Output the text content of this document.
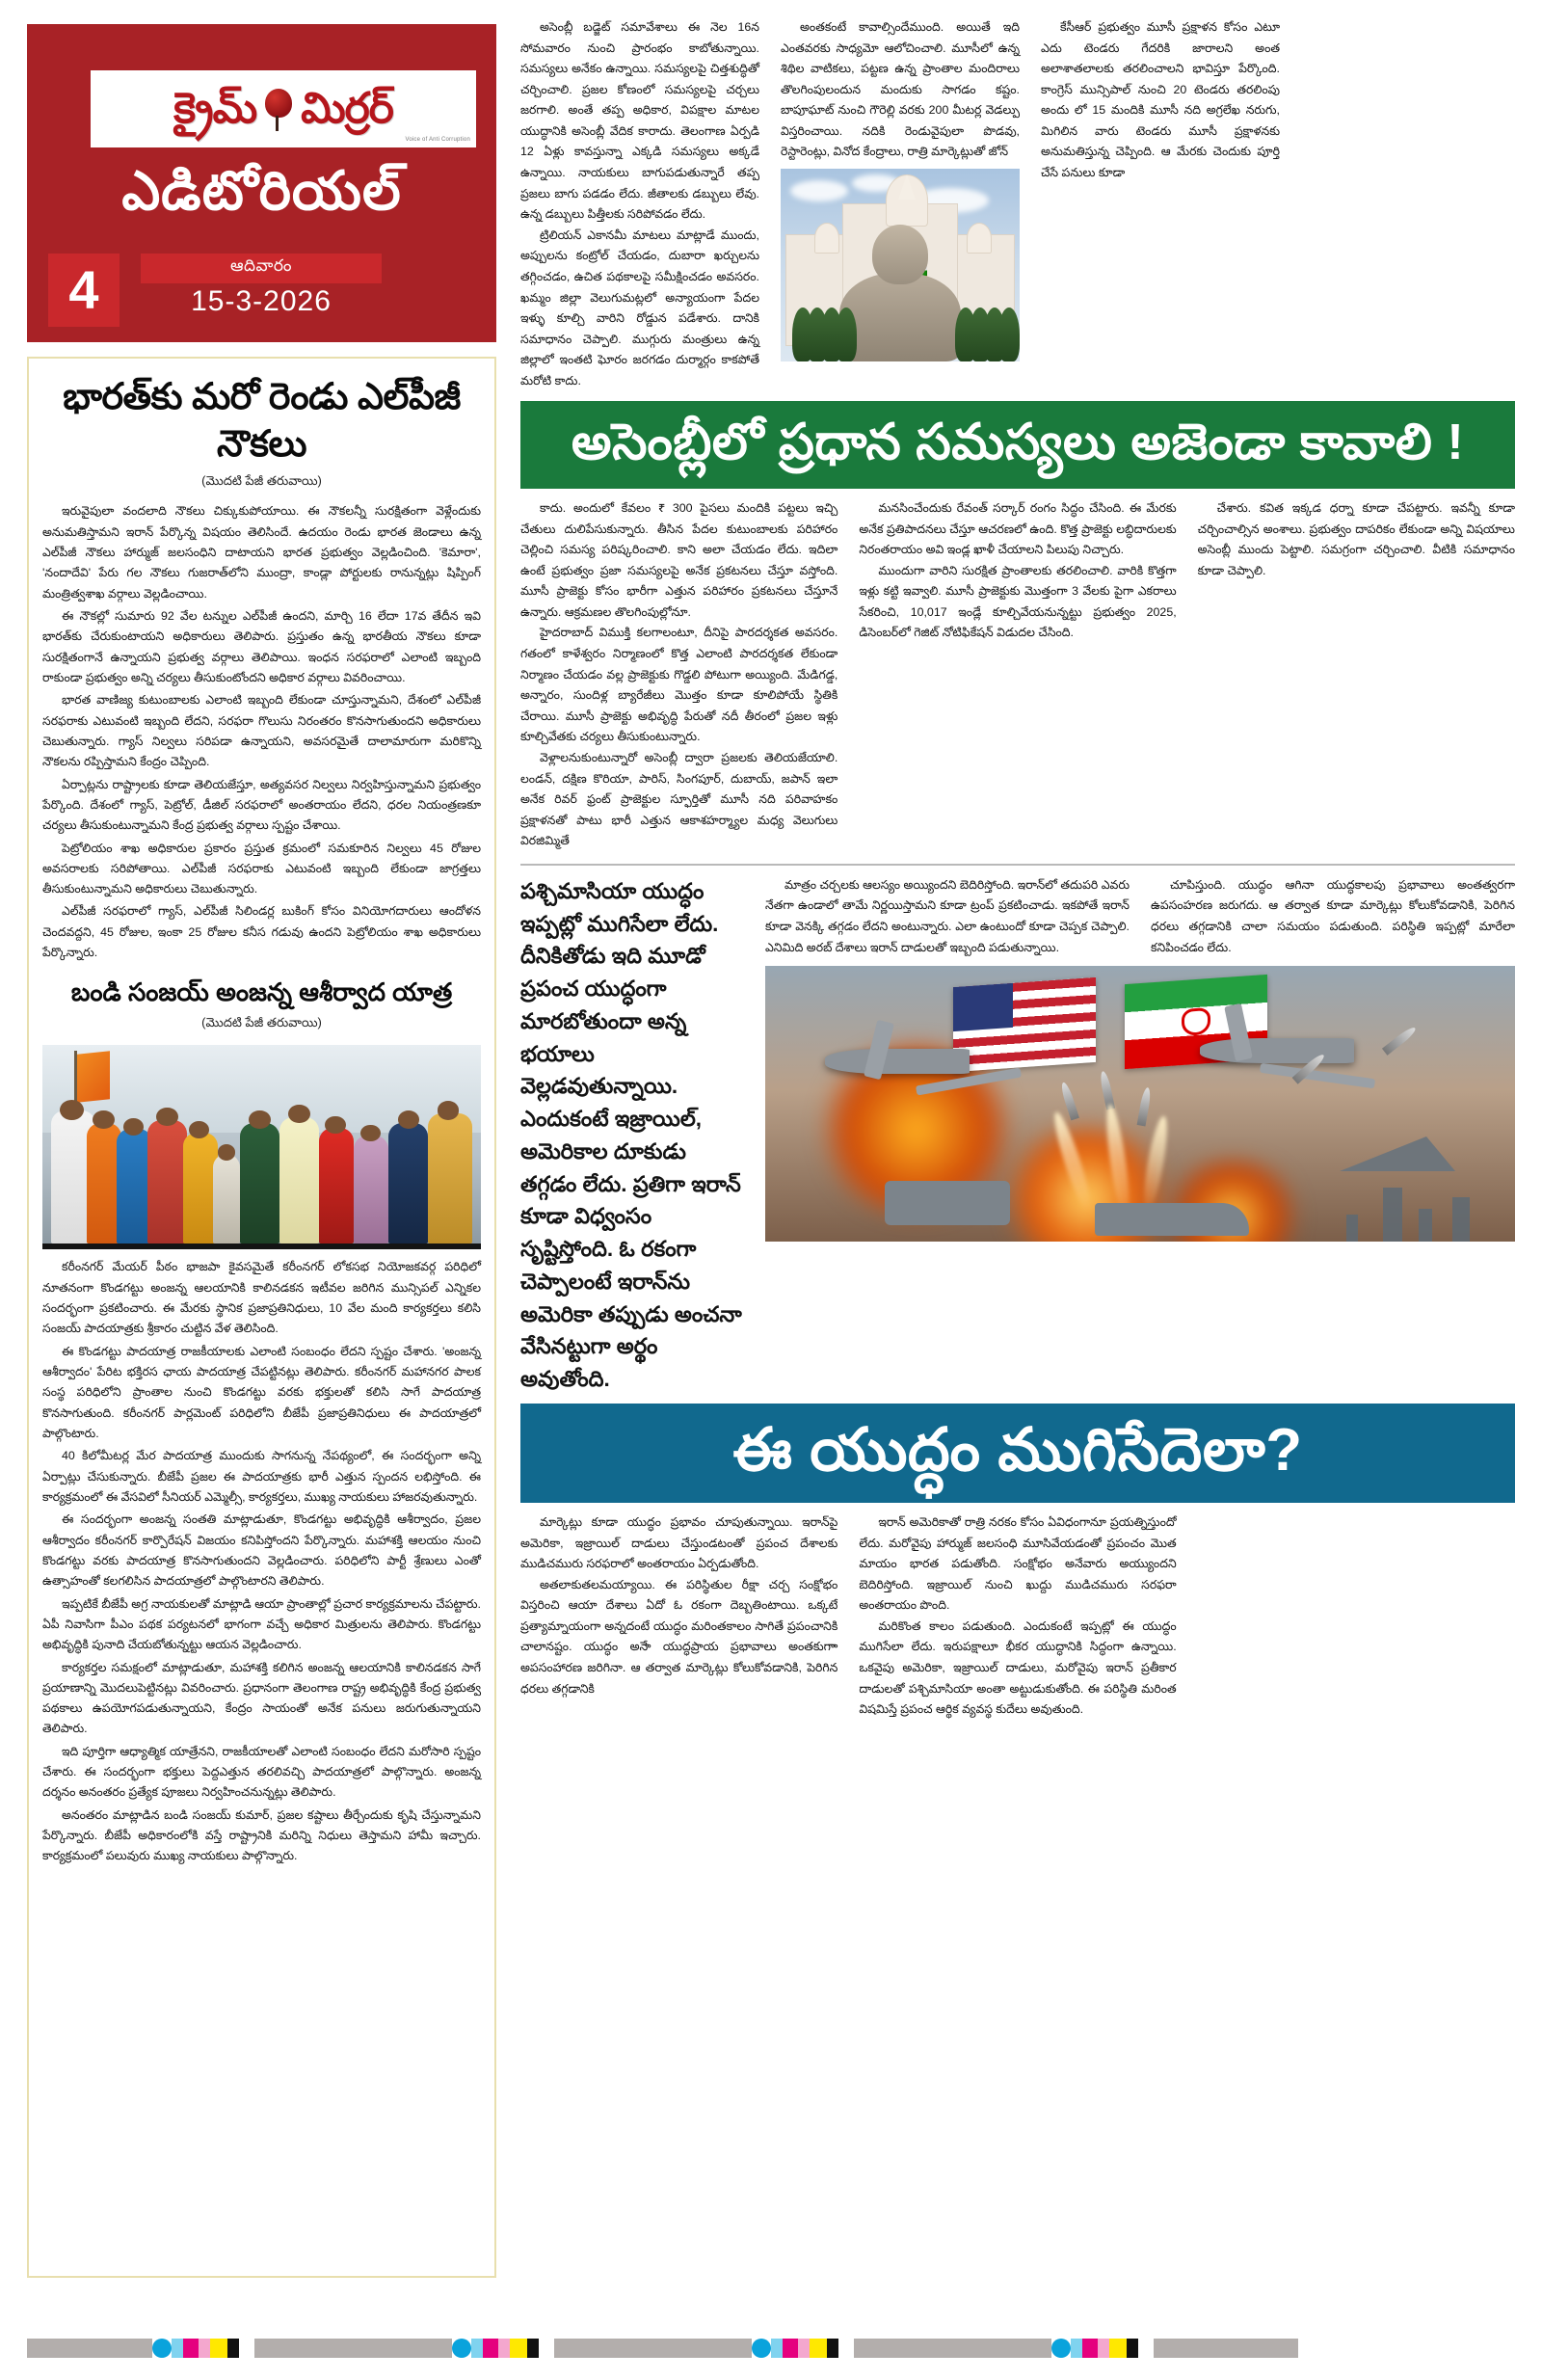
క్రైమ్ మిర్రర్
Voice of Anti Corruption
ఎడిటోరియల్
4	ఆదివారం
15-3-2026
భారత్‌కు మరో రెండు ఎల్‌పీజీ నౌకలు
(మొదటి పేజీ తరువాయి)

ఇరువైపులా వందలాది నౌకలు చిక్కుకుపోయాయి. ఈ నౌకలన్నీ సురక్షితంగా వెళ్లేందుకు అనుమతిస్తామని ఇరాన్ పేర్కొన్న విషయం తెలిసిందే. ఉదయం రెండు భారత జెండాలు ఉన్న ఎల్‌పీజీ నౌకలు హార్ముజ్ జలసంధిని దాటాయని భారత ప్రభుత్వం వెల్లడించింది. 'కెమారా', 'నందాదేవి' పేరు గల నౌకలు గుజరాత్‌లోని ముంద్రా, కాండ్లా పోర్టులకు రానున్నట్లు షిప్పింగ్ మంత్రిత్వశాఖ వర్గాలు వెల్లడించాయి.

ఈ నౌకల్లో సుమారు 92 వేల టన్నుల ఎల్‌పీజీ ఉందని, మార్చి 16 లేదా 17వ తేదీన ఇవి భారత్‌కు చేరుకుంటాయని అధికారులు తెలిపారు. ప్రస్తుతం ఉన్న భారతీయ నౌకలు కూడా సురక్షితంగానే ఉన్నాయని ప్రభుత్వ వర్గాలు తెలిపాయి. ఇంధన సరఫరాలో ఎలాంటి ఇబ్బంది రాకుండా ప్రభుత్వం అన్ని చర్యలు తీసుకుంటోందని అధికార వర్గాలు వివరించాయి.

భారత వాణిజ్య కుటుంబాలకు ఎలాంటి ఇబ్బంది లేకుండా చూస్తున్నామని, దేశంలో ఎల్‌పీజీ సరఫరాకు ఎటువంటి ఇబ్బంది లేదని, సరఫరా గొలుసు నిరంతరం కొనసాగుతుందని అధికారులు చెబుతున్నారు. గ్యాస్ నిల్వలు సరిపడా ఉన్నాయని, అవసరమైతే దాలామారుగా మరికొన్ని నౌకలను రప్పిస్తామని కేంద్రం చెప్పింది.

ఏర్పాట్లను రాష్ట్రాలకు కూడా తెలియజేస్తూ, అత్యవసర నిల్వలు నిర్వహిస్తున్నామని ప్రభుత్వం పేర్కొంది. దేశంలో గ్యాస్, పెట్రోల్, డీజిల్ సరఫరాలో అంతరాయం లేదని, ధరల నియంత్రణకూ చర్యలు తీసుకుంటున్నామని కేంద్ర ప్రభుత్వ వర్గాలు స్పష్టం చేశాయి.

పెట్రోలియం శాఖ అధికారుల ప్రకారం ప్రస్తుత క్రమంలో సమకూరిన నిల్వలు 45 రోజుల అవసరాలకు సరిపోతాయి. ఎల్‌పీజీ సరఫరాకు ఎటువంటి ఇబ్బంది లేకుండా జాగ్రత్తలు తీసుకుంటున్నామని అధికారులు చెబుతున్నారు.

ఎల్‌పీజీ సరఫరాలో గ్యాస్, ఎల్‌పీజీ సిలిండర్ల బుకింగ్ కోసం వినియోగదారులు ఆందోళన చెందవద్దని, 45 రోజుల, ఇంకా 25 రోజుల కనీస గడువు ఉందని పెట్రోలియం శాఖ అధికారులు పేర్కొన్నారు.

బండి సంజయ్ అంజన్న ఆశీర్వాద యాత్ర
(మొదటి పేజీ తరువాయి)

కరీంనగర్ మేయర్ పీఠం భాజపా కైవసమైతే కరీంనగర్ లోకసభ నియోజకవర్గ పరిధిలో నూతనంగా కొండగట్టు అంజన్న ఆలయానికి కాలినడకన ఇటీవల జరిగిన మున్సిపల్ ఎన్నికల సందర్భంగా ప్రకటించారు. ఈ మేరకు స్థానిక ప్రజాప్రతినిధులు, 10 వేల మంది కార్యకర్తలు కలిసి సంజయ్ పాదయాత్రకు శ్రీకారం చుట్టిన వేళ తెలిసింది.

ఈ కొండగట్టు పాదయాత్ర రాజకీయాలకు ఎలాంటి సంబంధం లేదని స్పష్టం చేశారు. 'అంజన్న ఆశీర్వాదం' పేరిట భక్తిరస ఛాయ పాదయాత్ర చేపట్టినట్లు తెలిపారు. కరీంనగర్ మహానగర పాలక సంస్థ పరిధిలోని ప్రాంతాల నుంచి కొండగట్టు వరకు భక్తులతో కలిసి సాగే పాదయాత్ర కొనసాగుతుంది. కరీంనగర్ పార్లమెంట్ పరిధిలోని బీజేపీ ప్రజాప్రతినిధులు ఈ పాదయాత్రలో పాల్గొంటారు.

40 కిలోమీటర్ల మేర పాదయాత్ర ముందుకు సాగనున్న నేపథ్యంలో, ఈ సందర్భంగా అన్ని ఏర్పాట్లు చేసుకున్నారు. బీజేపీ ప్రజల ఈ పాదయాత్రకు భారీ ఎత్తున స్పందన లభిస్తోంది. ఈ కార్యక్రమంలో ఈ వేసవిలో సీనియర్ ఎమ్మెల్సీ, కార్యకర్తలు, ముఖ్య నాయకులు హాజరవుతున్నారు.

ఈ సందర్భంగా అంజన్న సంతతి మాట్లాడుతూ, కొండగట్టు అభివృద్ధికి ఆశీర్వాదం, ప్రజల ఆశీర్వాదం కరీంనగర్ కార్పొరేషన్ విజయం కనిపిస్తోందని పేర్కొన్నారు. మహాశక్తి ఆలయం నుంచి కొండగట్టు వరకు పాదయాత్ర కొనసాగుతుందని వెల్లడించారు. పరిధిలోని పార్టీ శ్రేణులు ఎంతో ఉత్సాహంతో కలగలిసిన పాదయాత్రలో పాల్గొంటారని తెలిపారు.

ఇప్పటికే బీజేపీ అగ్ర నాయకులతో మాట్లాడి ఆయా ప్రాంతాల్లో ప్రచార కార్యక్రమాలను చేపట్టారు. ఏపీ నివాసిగా పీఎం పథక పర్యటనలో భాగంగా వచ్చే అధికార మిత్రులను తెలిపారు. కొండగట్టు అభివృద్ధికి పునాది చేయబోతున్నట్టు ఆయన వెల్లడించారు.

కార్యకర్తల సమక్షంలో మాట్లాడుతూ, మహాశక్తి కలిగిన అంజన్న ఆలయానికి కాలినడకన సాగే ప్రయాణాన్ని మొదలుపెట్టినట్లు వివరించారు. ప్రధానంగా తెలంగాణ రాష్ట్ర అభివృద్ధికి కేంద్ర ప్రభుత్వ పథకాలు ఉపయోగపడుతున్నాయని, కేంద్రం సాయంతో అనేక పనులు జరుగుతున్నాయని తెలిపారు.

ఇది పూర్తిగా ఆధ్యాత్మిక యాత్రేనని, రాజకీయాలతో ఎలాంటి సంబంధం లేదని మరోసారి స్పష్టం చేశారు. ఈ సందర్భంగా భక్తులు పెద్దఎత్తున తరలివచ్చి పాదయాత్రలో పాల్గొన్నారు. అంజన్న దర్శనం అనంతరం ప్రత్యేక పూజలు నిర్వహించనున్నట్లు తెలిపారు.

అనంతరం మాట్లాడిన బండి సంజయ్ కుమార్, ప్రజల కష్టాలు తీర్చేందుకు కృషి చేస్తున్నామని పేర్కొన్నారు. బీజేపీ అధికారంలోకి వస్తే రాష్ట్రానికి మరిన్ని నిధులు తెస్తామని హామీ ఇచ్చారు. కార్యక్రమంలో పలువురు ముఖ్య నాయకులు పాల్గొన్నారు.

అసెంబ్లీ బడ్జెట్ సమావేశాలు ఈ నెల 16న సోమవారం నుంచి ప్రారంభం కాబోతున్నాయి. సమస్యలు అనేకం ఉన్నాయి. సమస్యలపై చిత్తశుద్ధితో చర్చించాలి. ప్రజల కోణంలో సమస్యలపై చర్చలు జరగాలి. అంతే తప్ప అధికార, విపక్షాల మాటల యుద్ధానికి అసెంబ్లీ వేదిక కారాదు. తెలంగాణ ఏర్పడి 12 ఏళ్లు కావస్తున్నా ఎక్కడి సమస్యలు అక్కడే ఉన్నాయి. నాయకులు బాగుపడుతున్నారే తప్ప ప్రజలు బాగు పడడం లేదు. జీతాలకు డబ్బులు లేవు. ఉన్న డబ్బులు పిత్తీలకు సరిపోవడం లేదు.

ట్రిలియన్ ఎకానమీ మాటలు మాట్లాడే ముందు, అప్పులను కంట్రోల్ చేయడం, దుబారా ఖర్చులను తగ్గించడం, ఉచిత పథకాలపై సమీక్షించడం అవసరం. ఖమ్మం జిల్లా వెలుగుమట్లలో అన్యాయంగా పేదల ఇళ్ళు కూల్చి వారిని రోడ్డున పడేశారు. దానికి సమాధానం చెప్పాలి. ముగ్గురు మంత్రులు ఉన్న జిల్లాలో ఇంతటి ఘోరం జరగడం దుర్మార్గం కాకపోతే మరోటి కాదు.

అంతకంటే కావాల్సిందేముంది. అయితే ఇది ఎంతవరకు సాధ్యమో ఆలోచించాలి. మూసీలో ఉన్న శిథిల వాటికలు, పట్టణ ఉన్న ప్రాంతాల మందిరాలు తొలగింపులందున మందుకు సాగడం కష్టం. బాపూఘాట్ నుంచి గౌరెల్లి వరకు 200 మీటర్ల వెడల్పు విస్తరించాయి. నదికి రెండువైపులా పొడవు, రెస్టారెంట్లు, వినోద కేంద్రాలు, రాత్రి మార్కెట్లుతో జోన్

కేసీఆర్ ప్రభుత్వం మూసీ ప్రక్షాళన కోసం ఎటూ ఎదు టెండరు గేదరికి జారాలని అంత అలాశాతలాలకు తరలించాలని భావిస్తూ పేర్కొంది. కాంగ్రెస్ మున్సిపాల్ నుంచి 20 టెండరు తరలింపు అందు లో 15 మందికి మూసీ నది అగ్రలేఖ నరుగు, మిగిలిన వారు టెండరు మూసీ ప్రక్షాళనకు అనుమతిస్తున్న చెప్పింది. ఆ మేరకు చెందుకు పూర్తి చేసే పనులు కూడా

అసెంబ్లీలో ప్రధాన సమస్యలు అజెండా కావాలి !

కాదు. అందులో కేవలం ₹ 300 పైసలు మందికి పట్టలు ఇచ్చి చేతులు దులిపేసుకున్నారు. తీసిన పేదల కుటుంబాలకు పరిహారం చెల్లించి సమస్య పరిష్కరించాలి. కాని అలా చేయడం లేదు. ఇదిలా ఉంటే ప్రభుత్వం ప్రజా సమస్యలపై అనేక ప్రకటనలు చేస్తూ వస్తోంది. మూసీ ప్రాజెక్టు కోసం భారీగా ఎత్తున పరిహారం ప్రకటనలు చేస్తూనే ఉన్నారు. ఆక్రమణల తొలగింపుల్లోనూ.

హైదరాబాద్ విముక్తి కలగాలంటూ, దీనిపై పారదర్శకత అవసరం. గతంలో కాళేశ్వరం నిర్మాణంలో కొత్త ఎలాంటి పారదర్శకత లేకుండా నిర్మాణం చేయడం వల్ల ప్రాజెక్టుకు గొడ్డలి పోటుగా అయ్యింది. మేడిగడ్డ, అన్నారం, సుందిళ్ల బ్యారేజీలు మొత్తం కూడా కూలిపోయే స్థితికి చేరాయి. మూసీ ప్రాజెక్టు అభివృద్ధి పేరుతో నదీ తీరంలో ప్రజల ఇళ్లు కూల్చివేతకు చర్యలు తీసుకుంటున్నారు.

వెళ్లాలనుకుంటున్నారో అసెంబ్లీ ద్వారా ప్రజలకు తెలియజేయాలి. లండన్, దక్షిణ కొరియా, పారిస్, సింగపూర్, దుబాయ్, జపాన్ ఇలా అనేక రివర్ ఫ్రంట్ ప్రాజెక్టుల స్ఫూర్తితో మూసీ నది పరివాహకం ప్రక్షాళనతో పాటు భారీ ఎత్తున ఆకాశహర్మ్యాల మధ్య వెలుగులు విరజిమ్మితే

మనసించేందుకు రేవంత్ సర్కార్ రంగం సిద్ధం చేసింది. ఈ మేరకు అనేక ప్రతిపాదనలు చేస్తూ ఆచరణలో ఉంది. కొత్త ప్రాజెక్టు లబ్ధిదారులకు నిరంతరాయం అవి ఇండ్ల ఖాళీ చేయాలని పిలుపు నిచ్చారు.

ముందుగా వారిని సురక్షిత ప్రాంతాలకు తరలించాలి. వారికి కొత్తగా ఇళ్లు కట్టి ఇవ్వాలి. మూసీ ప్రాజెక్టుకు మొత్తంగా 3 వేలకు పైగా ఎకరాలు సేకరించి, 10,017 ఇండ్లే కూల్చివేయనున్నట్టు ప్రభుత్వం 2025, డిసెంబర్‌లో గెజిట్ నోటిఫికేషన్ విడుదల చేసింది.

చేశారు. కవిత ఇక్కడ ధర్నా కూడా చేపట్టారు. ఇవన్నీ కూడా చర్చించాల్సిన అంశాలు. ప్రభుత్వం దాపరికం లేకుండా అన్ని విషయాలు అసెంబ్లీ ముందు పెట్టాలి. సమగ్రంగా చర్చించాలి. వీటికి సమాధానం కూడా చెప్పాలి.

పశ్చిమాసియా యుద్ధం ఇప్పట్లో ముగిసేలా లేదు. దీనికితోడు ఇది మూడో ప్రపంచ యుద్ధంగా మారబోతుందా అన్న భయాలు వెల్లడవుతున్నాయి. ఎందుకంటే ఇజ్రాయిల్, అమెరికాల దూకుడు తగ్గడం లేదు. ప్రతిగా ఇరాన్ కూడా విధ్వంసం సృష్టిస్తోంది. ఓ రకంగా చెప్పాలంటే ఇరాన్‌ను అమెరికా తప్పుడు అంచనా వేసినట్టుగా అర్థం అవుతోంది.

మాత్రం చర్చలకు ఆలస్యం అయ్యిందని బెదిరిస్తోంది. ఇరాన్‌లో తదుపరి ఎవరు నేతగా ఉండాలో తామే నిర్ణయిస్తామని కూడా ట్రంప్ ప్రకటించాడు. ఇకపోతే ఇరాన్ కూడా వెనక్కి తగ్గడం లేదని అంటున్నారు. ఎలా ఉంటుందో కూడా చెప్పక చెప్పాలి. ఎనిమిది అరబ్ దేశాలు ఇరాన్ దాడులతో ఇబ్బంది పడుతున్నాయి.

చూపిస్తుంది. యుద్ధం ఆగినా యుద్ధకాలపు ప్రభావాలు అంతత్వరగా ఉపసంహరణ జరుగదు. ఆ తర్వాత కూడా మార్కెట్లు కోలుకోవడానికి, పెరిగిన ధరలు తగ్గడానికి చాలా సమయం పడుతుంది. పరిస్థితి ఇప్పట్లో మారేలా కనిపించడం లేదు.

ఈ యుద్ధం ముగిసేదెలా?

మార్కెట్లు కూడా యుద్ధం ప్రభావం చూపుతున్నాయి. ఇరాన్‌పై అమెరికా, ఇజ్రాయిల్ దాడులు చేస్తుండటంతో ప్రపంచ దేశాలకు ముడిచమురు సరఫరాలో అంతరాయం ఏర్పడుతోంది.

అతలాకుతలమయ్యాయి. ఈ పరిస్థితుల రీక్షా చర్చ సంక్షోభం విస్తరించి ఆయా దేశాలు ఏదో ఓ రకంగా దెబ్బతింటాయి. ఒక్కటే ప్రత్యామ్నాయంగా అన్నదంటే యుద్ధం మరింతకాలం సాగితే ప్రపంచానికి చాలానష్టం. యుద్ధం అనేా యుద్ధప్రాయ ప్రభావాలు అంతకుగాా అపసంహారణ జరిగినా. ఆ తర్వాత మార్కెట్లు కోలుకోవడానికి, పెరిగిన ధరలు తగ్గడానికి

ఇరాన్ అమెరికాతో రాత్రి నరకం కోసం ఏవిధంగానూ ప్రయత్నిస్తుందో లేదు. మరోవైపు హార్ముజ్ జలసంధి మూసివేయడంతో ప్రపంచం మొత మాయం భారత పడుతోంది. సంక్షోభం అనేవారు అయ్యుందని బెదిరిస్తోంది. ఇజ్రాయిల్ నుంచి ఖుద్దు ముడిచమురు సరఫరా అంతరాయం పొంది.

మరికొంత కాలం పడుతుంది. ఎందుకంటే ఇప్పట్లో ఈ యుద్ధం ముగిసేలా లేదు. ఇరుపక్షాలూ భీకర యుద్ధానికి సిద్ధంగా ఉన్నాయి. ఒకవైపు అమెరికా, ఇజ్రాయిల్ దాడులు, మరోవైపు ఇరాన్ ప్రతీకార దాడులతో పశ్చిమాసియా అంతా అట్టుడుకుతోంది. ఈ పరిస్థితి మరింత విషమిస్తే ప్రపంచ ఆర్థిక వ్యవస్థ కుదేలు అవుతుంది.
